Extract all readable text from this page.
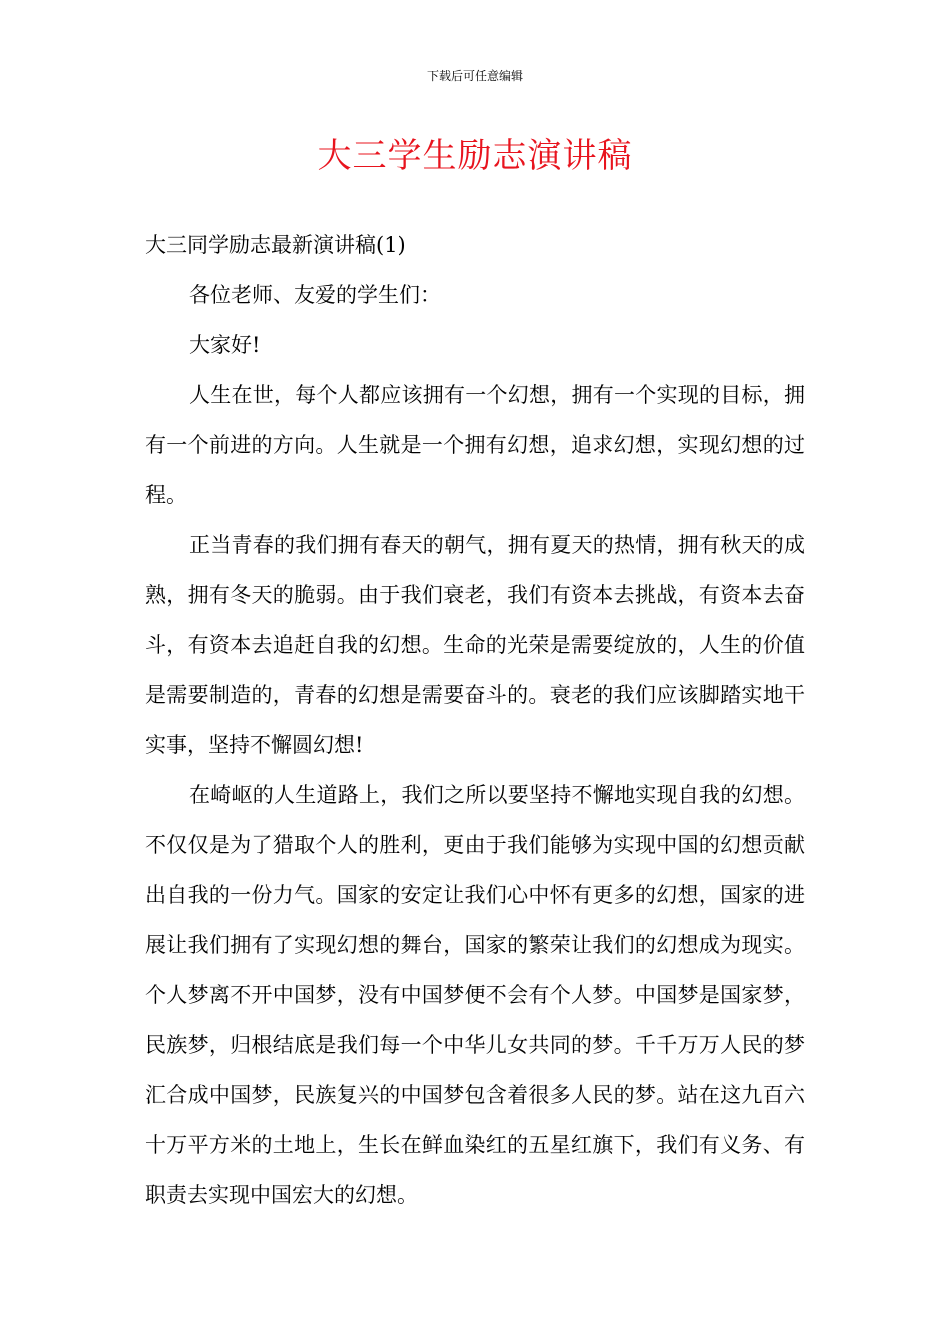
下载后可任意编辑
大三学生励志演讲稿

大三同学励志最新演讲稿(1)

各位老师、友爱的学生们：

大家好!

人生在世，每个人都应该拥有一个幻想，拥有一个实现的目标，拥有一个前进的方向。人生就是一个拥有幻想，追求幻想，实现幻想的过程。

正当青春的我们拥有春天的朝气，拥有夏天的热情，拥有秋天的成熟，拥有冬天的脆弱。由于我们衰老，我们有资本去挑战，有资本去奋斗，有资本去追赶自我的幻想。生命的光荣是需要绽放的，人生的价值是需要制造的，青春的幻想是需要奋斗的。衰老的我们应该脚踏实地干实事，坚持不懈圆幻想!

在崎岖的人生道路上，我们之所以要坚持不懈地实现自我的幻想。不仅仅是为了猎取个人的胜利，更由于我们能够为实现中国的幻想贡献出自我的一份力气。国家的安定让我们心中怀有更多的幻想，国家的进展让我们拥有了实现幻想的舞台，国家的繁荣让我们的幻想成为现实。个人梦离不开中国梦，没有中国梦便不会有个人梦。中国梦是国家梦，民族梦，归根结底是我们每一个中华儿女共同的梦。千千万万人民的梦汇合成中国梦，民族复兴的中国梦包含着很多人民的梦。站在这九百六十万平方米的土地上，生长在鲜血染红的五星红旗下，我们有义务、有职责去实现中国宏大的幻想。
